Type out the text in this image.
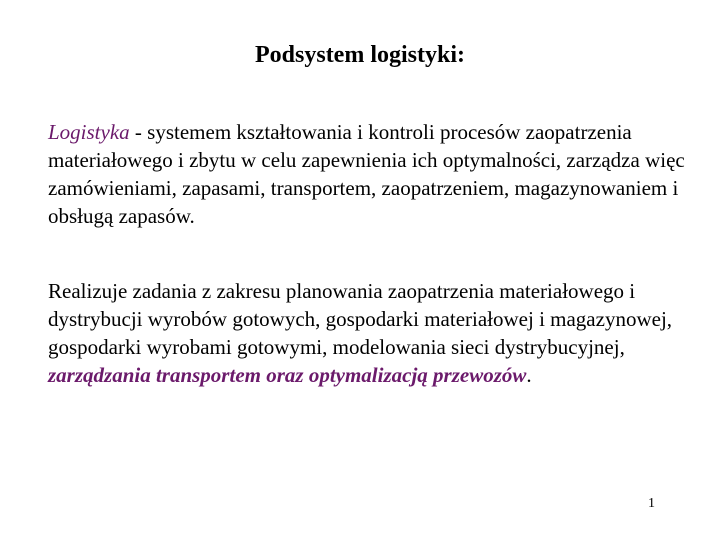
Podsystem logistyki:
Logistyka - systemem kształtowania i kontroli procesów zaopatrzenia materiałowego i zbytu w celu zapewnienia ich optymalności, zarządza więc zamówieniami, zapasami, transportem, zaopatrzeniem, magazynowaniem i obsługą zapasów.
Realizuje zadania z zakresu planowania zaopatrzenia materiałowego i dystrybucji wyrobów gotowych, gospodarki materiałowej i magazynowej, gospodarki wyrobami gotowymi, modelowania sieci dystrybucyjnej, zarządzania transportem oraz optymalizacją przewozów.
1
